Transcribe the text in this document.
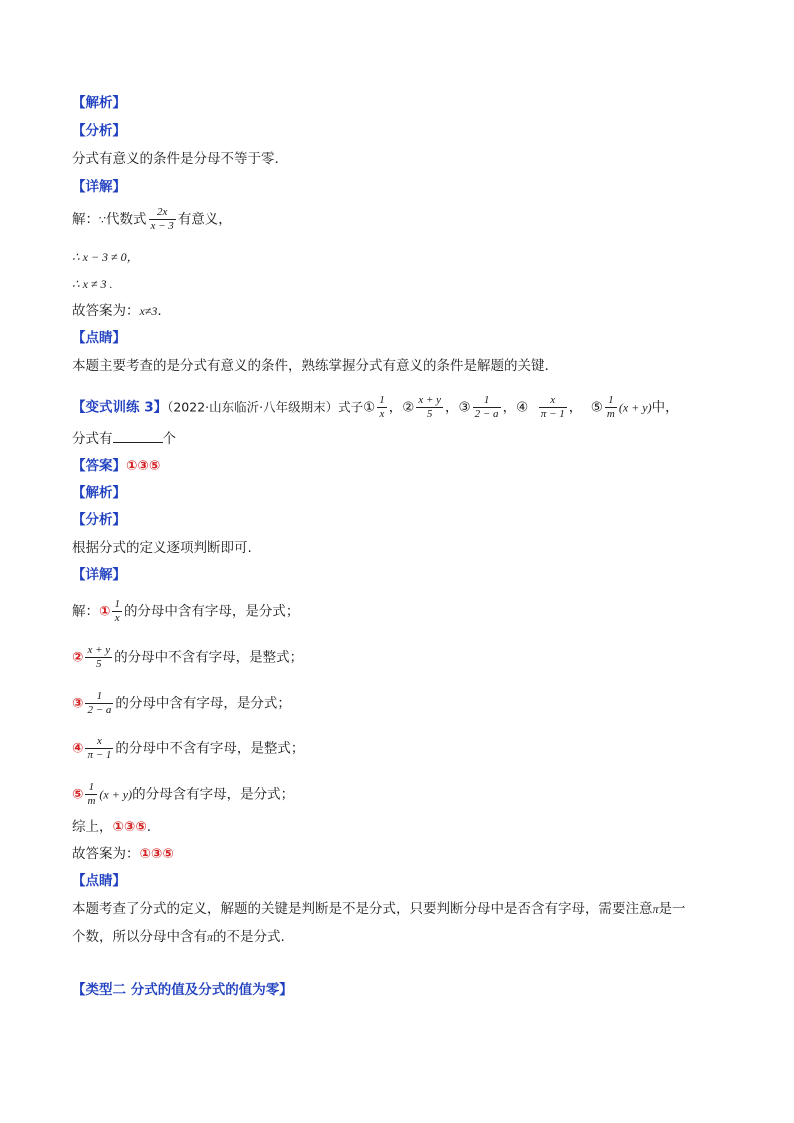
【解析】
【分析】
分式有意义的条件是分母不等于零.
【详解】
解：∵代数式 $\frac{2x}{x - 3}$ 有意义，
∴ x − 3 ≠ 0，
∴ x ≠ 3 .
故答案为：x≠3.
【点睛】
本题主要考查的是分式有意义的条件，熟练掌握分式有意义的条件是解题的关键.
【变式训练 3】（2022·山东临沂·八年级期末）式子① $\frac{1}{x}$ ，② $\frac{x + y}{5}$ ，③ $\frac{1}{2 - a}$ ，④ $\frac{x}{\pi - 1}$ ， ⑤ $\frac{1}{m} (x + y)$中，
分式有	个
【答案】①③⑤
【解析】
【分析】
根据分式的定义逐项判断即可.
【详解】
解：① $\frac{1}{x}$ 的分母中含有字母，是分式；
② $\frac{x + y}{5}$ 的分母中不含有字母，是整式；
③ $\frac{1}{2 - a}$ 的分母中含有字母，是分式；
④ $\frac{x}{\pi - 1}$ 的分母中不含有字母，是整式；
⑤ $\frac{1}{m} (x + y)$的分母含有字母，是分式；
综上，①③⑤.
故答案为：①③⑤
【点睛】
本题考查了分式的定义，解题的关键是判断是不是分式，只要判断分母中是否含有字母，需要注意π是一
个数，所以分母中含有π的不是分式.
【类型二 分式的值及分式的值为零】
